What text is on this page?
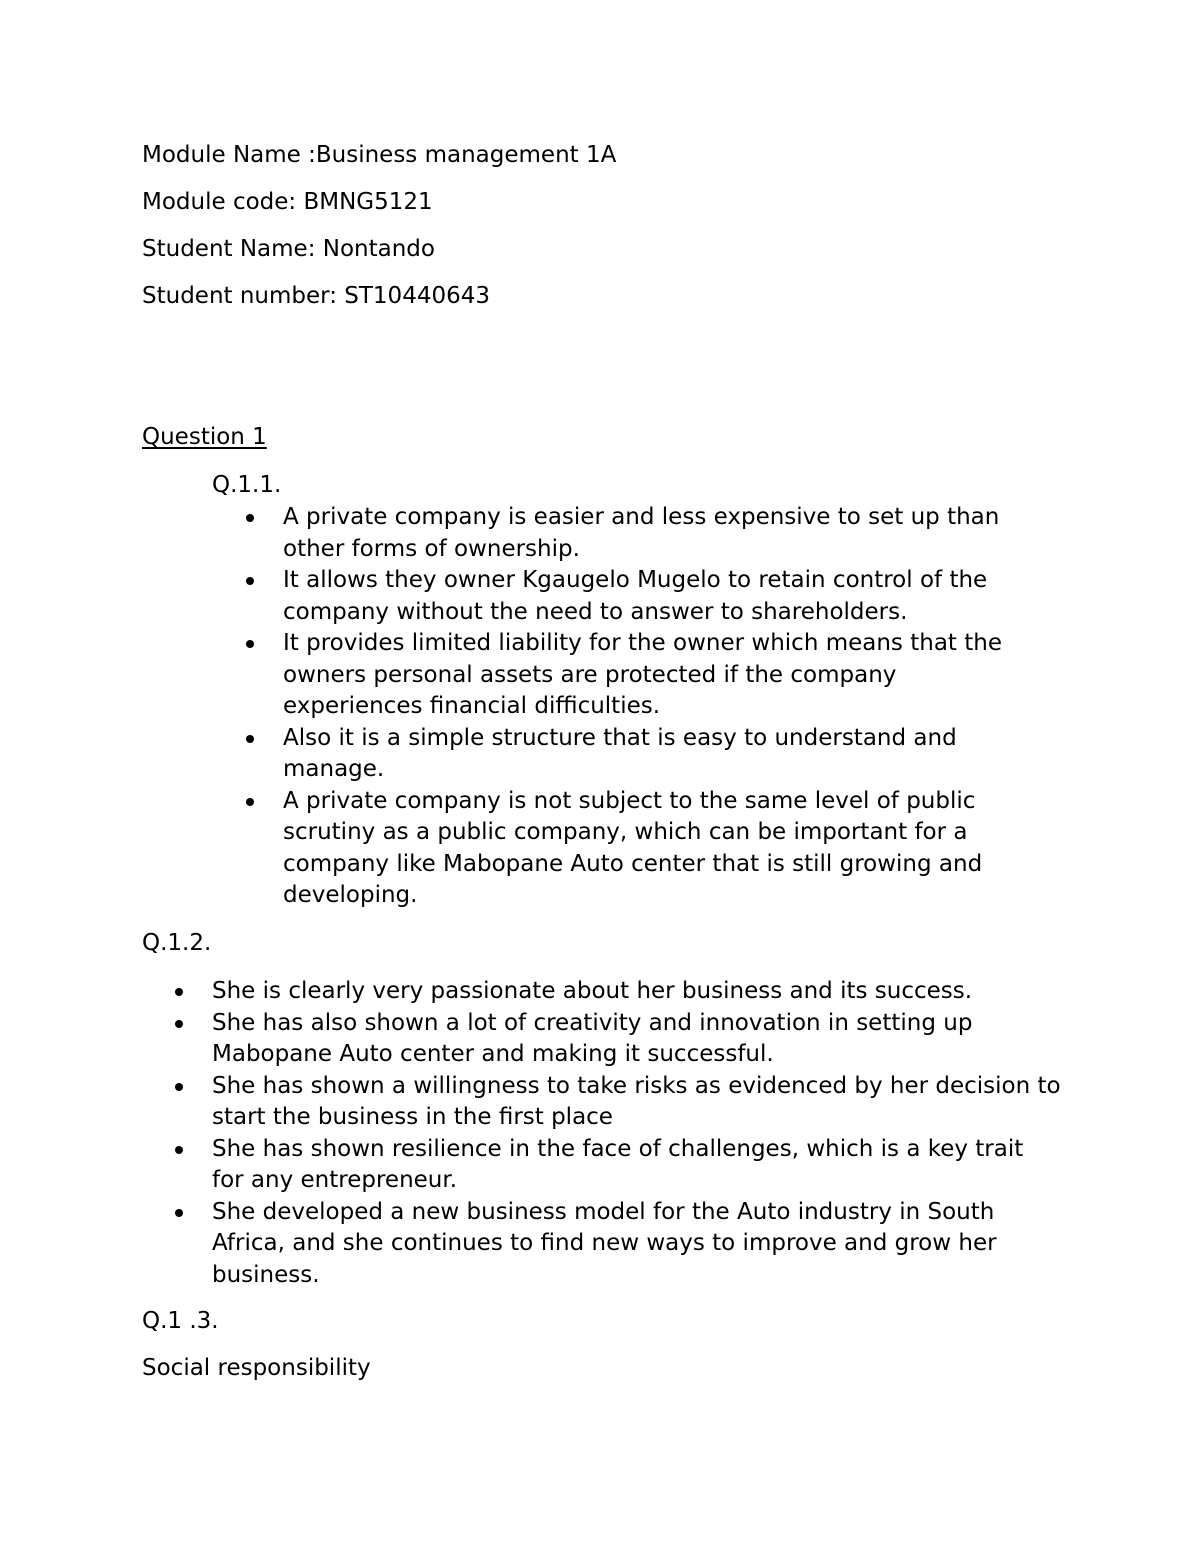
Module Name :Business management 1A
Module code: BMNG5121
Student Name: Nontando
Student number: ST10440643
Question 1
Q.1.1.
A private company is easier and less expensive to set up than other forms of ownership.
It allows they owner Kgaugelo Mugelo to retain control of the company without the need to answer to shareholders.
It provides limited liability for the owner which means that the owners personal assets are protected if the company experiences financial difficulties.
Also it is a simple structure that is easy to understand and manage.
A private company is not subject to the same level of public scrutiny as a public company, which can be important for a company like Mabopane Auto center that is still growing and developing.
Q.1.2.
She is clearly very passionate about her business and its success.
She has also shown a lot of creativity and innovation in setting up Mabopane Auto center and making it successful.
She has shown a willingness to take risks as evidenced by her decision to start the business in the first place
She has shown resilience in the face of challenges, which is a key trait for any entrepreneur.
She developed a new business model for the Auto industry in South Africa, and she continues to find new ways to improve and grow her business.
Q.1 .3.
Social responsibility
